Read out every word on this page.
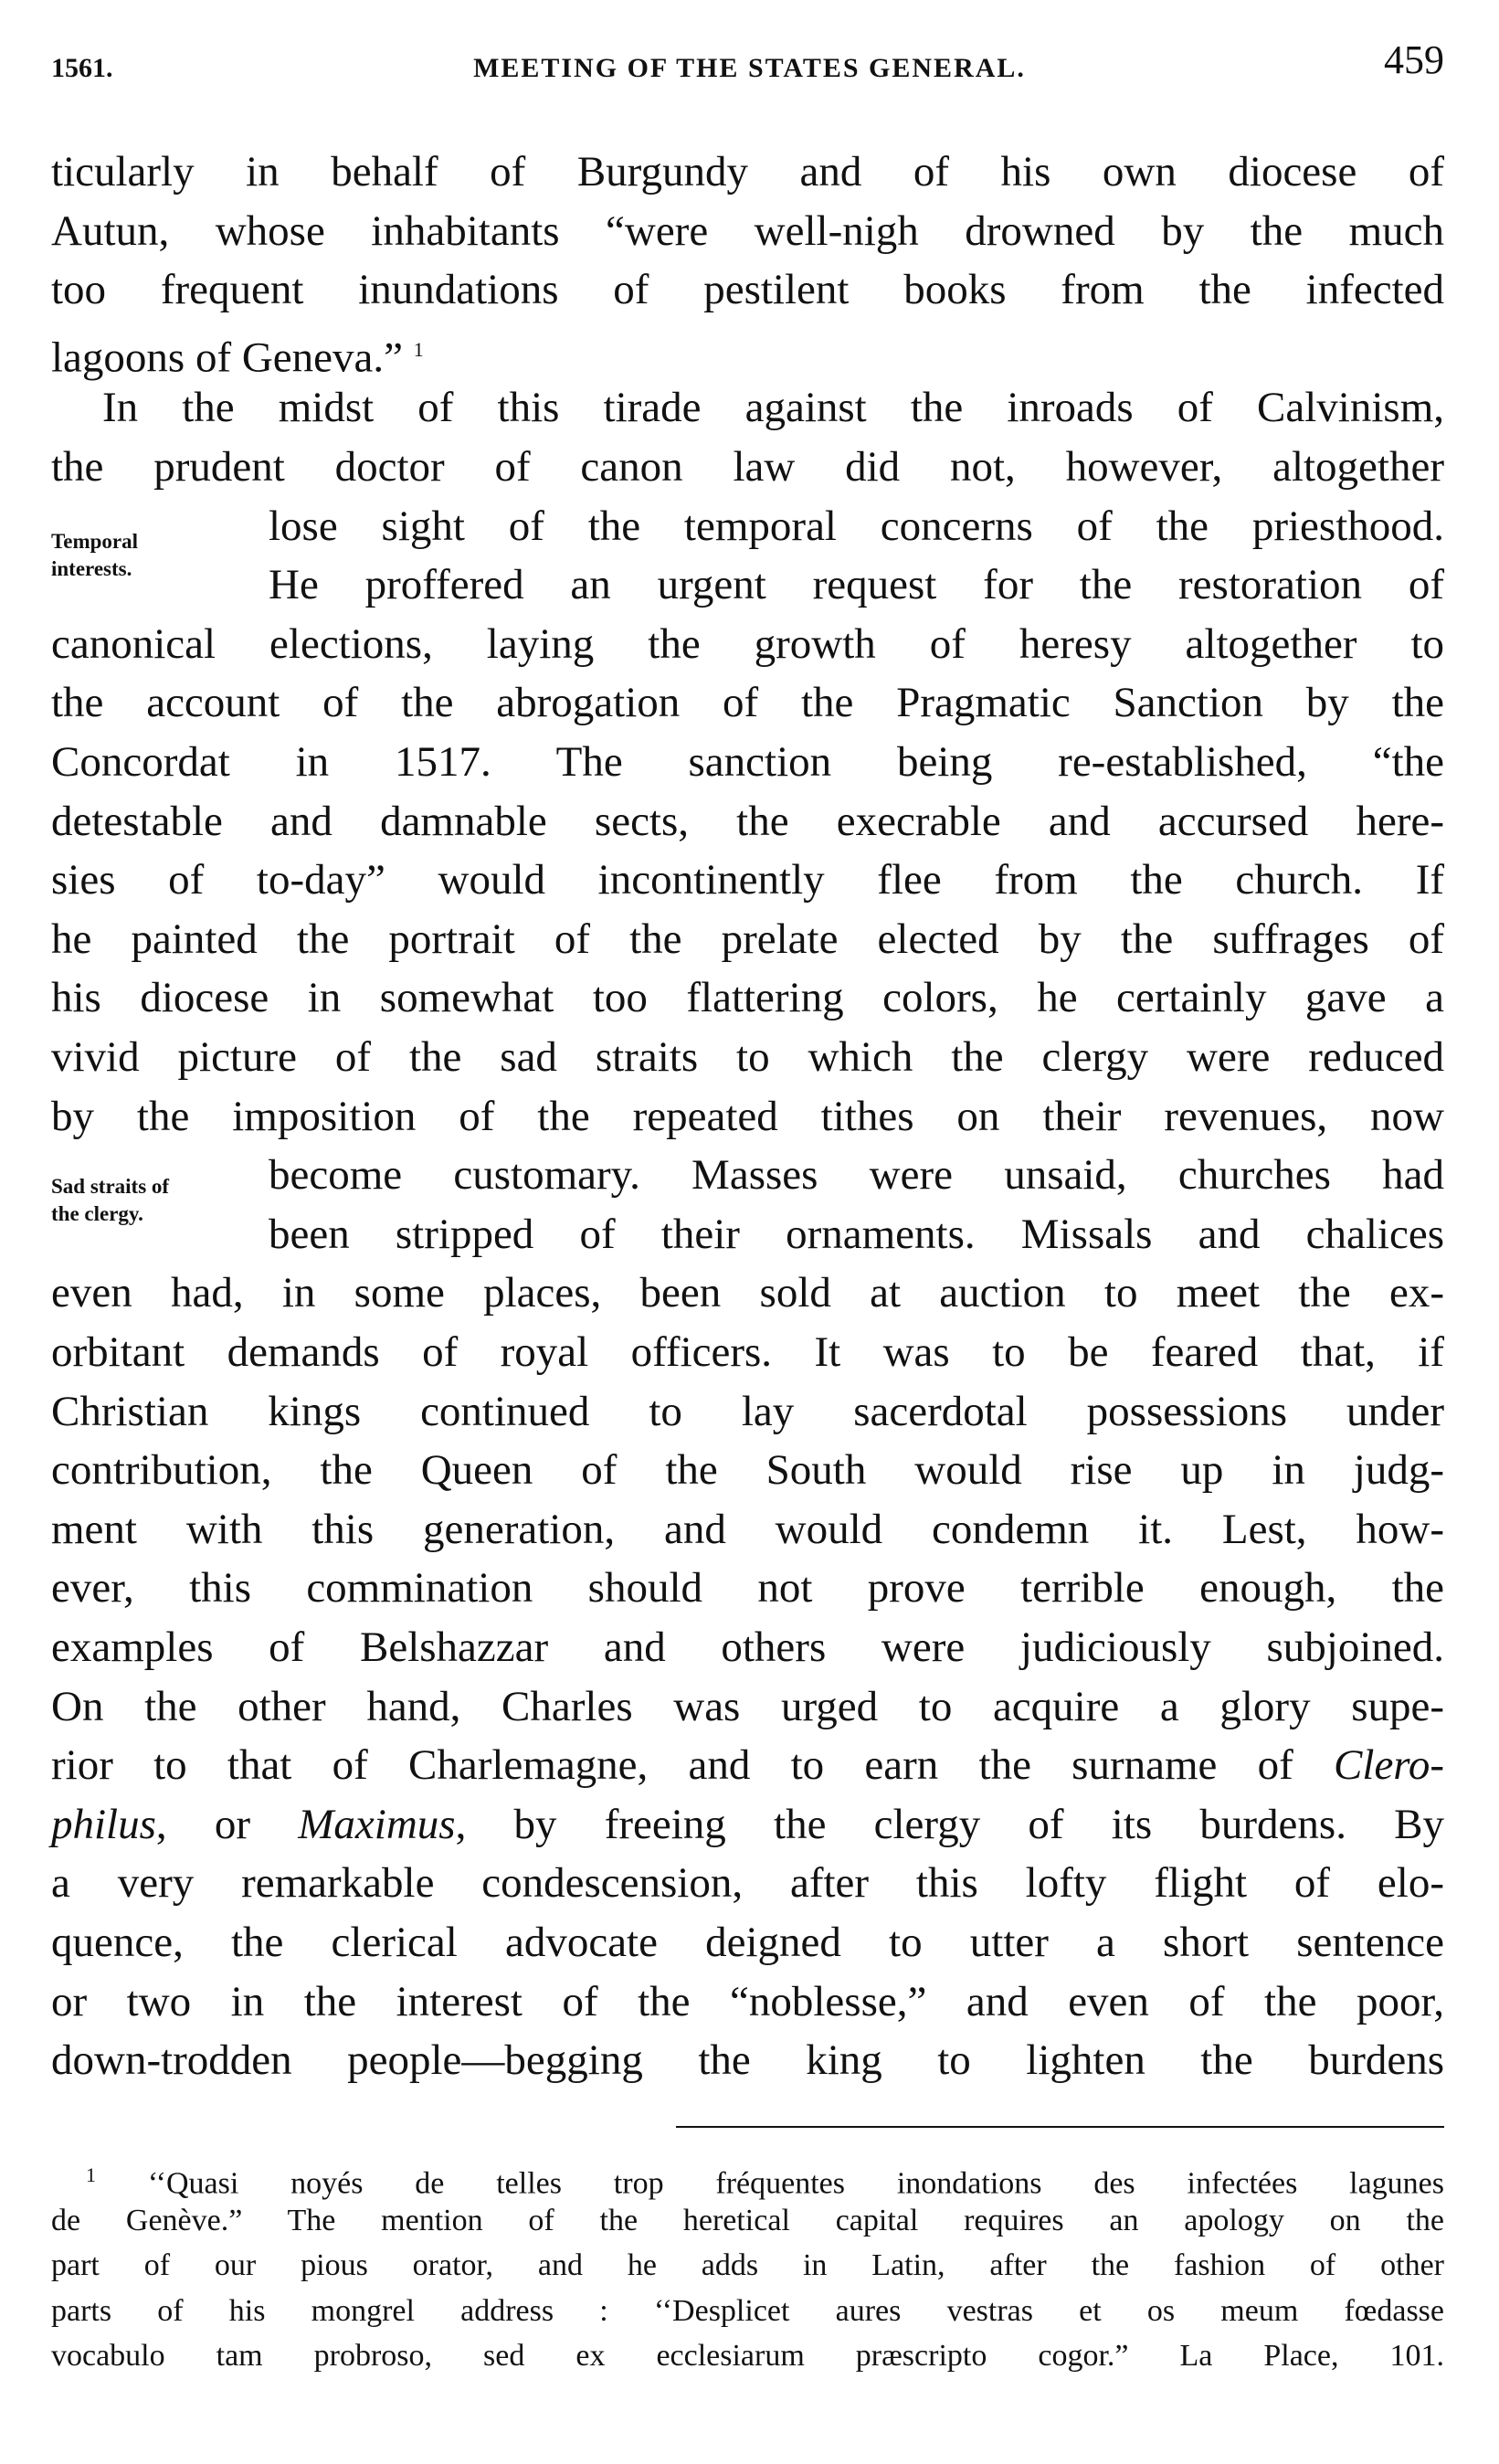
1561.	MEETING OF THE STATES GENERAL.	459
ticularly in behalf of Burgundy and of his own diocese of
Autun, whose inhabitants “were well-nigh drowned by the much
too frequent inundations of pestilent books from the infected
lagoons of Geneva.” $^1$
In the midst of this tirade against the inroads of Calvinism,
the prudent doctor of canon law did not, however, altogether
lose sight of the temporal concerns of the priesthood.
He proffered an urgent request for the restoration of
canonical elections, laying the growth of heresy altogether to
the account of the abrogation of the Pragmatic Sanction by the
Concordat in 1517. The sanction being re-established, “the
detestable and damnable sects, the execrable and accursed here-
sies of to-day” would incontinently flee from the church. If
he painted the portrait of the prelate elected by the suffrages of
his diocese in somewhat too flattering colors, he certainly gave a
vivid picture of the sad straits to which the clergy were reduced
by the imposition of the repeated tithes on their revenues, now
become customary. Masses were unsaid, churches had
been stripped of their ornaments. Missals and chalices
even had, in some places, been sold at auction to meet the ex-
orbitant demands of royal officers. It was to be feared that, if
Christian kings continued to lay sacerdotal possessions under
contribution, the Queen of the South would rise up in judg-
ment with this generation, and would condemn it. Lest, how-
ever, this commination should not prove terrible enough, the
examples of Belshazzar and others were judiciously subjoined.
On the other hand, Charles was urged to acquire a glory supe-
rior to that of Charlemagne, and to earn the surname of Clero-
philus, or Maximus, by freeing the clergy of its burdens. By
a very remarkable condescension, after this lofty flight of elo-
quence, the clerical advocate deigned to utter a short sentence
or two in the interest of the “noblesse,” and even of the poor,
down-trodden people—begging the king to lighten the burdens
Temporal
interests.
Sad straits of
the clergy.
$^1$ ‘‘Quasi noyés de telles trop fréquentes inondations des infectées lagunes
de Genève.” The mention of the heretical capital requires an apology on the
part of our pious orator, and he adds in Latin, after the fashion of other
parts of his mongrel address : ‘‘Desplicet aures vestras et os meum fœdasse
vocabulo tam probroso, sed ex ecclesiarum præscripto cogor.” La Place, 101.
